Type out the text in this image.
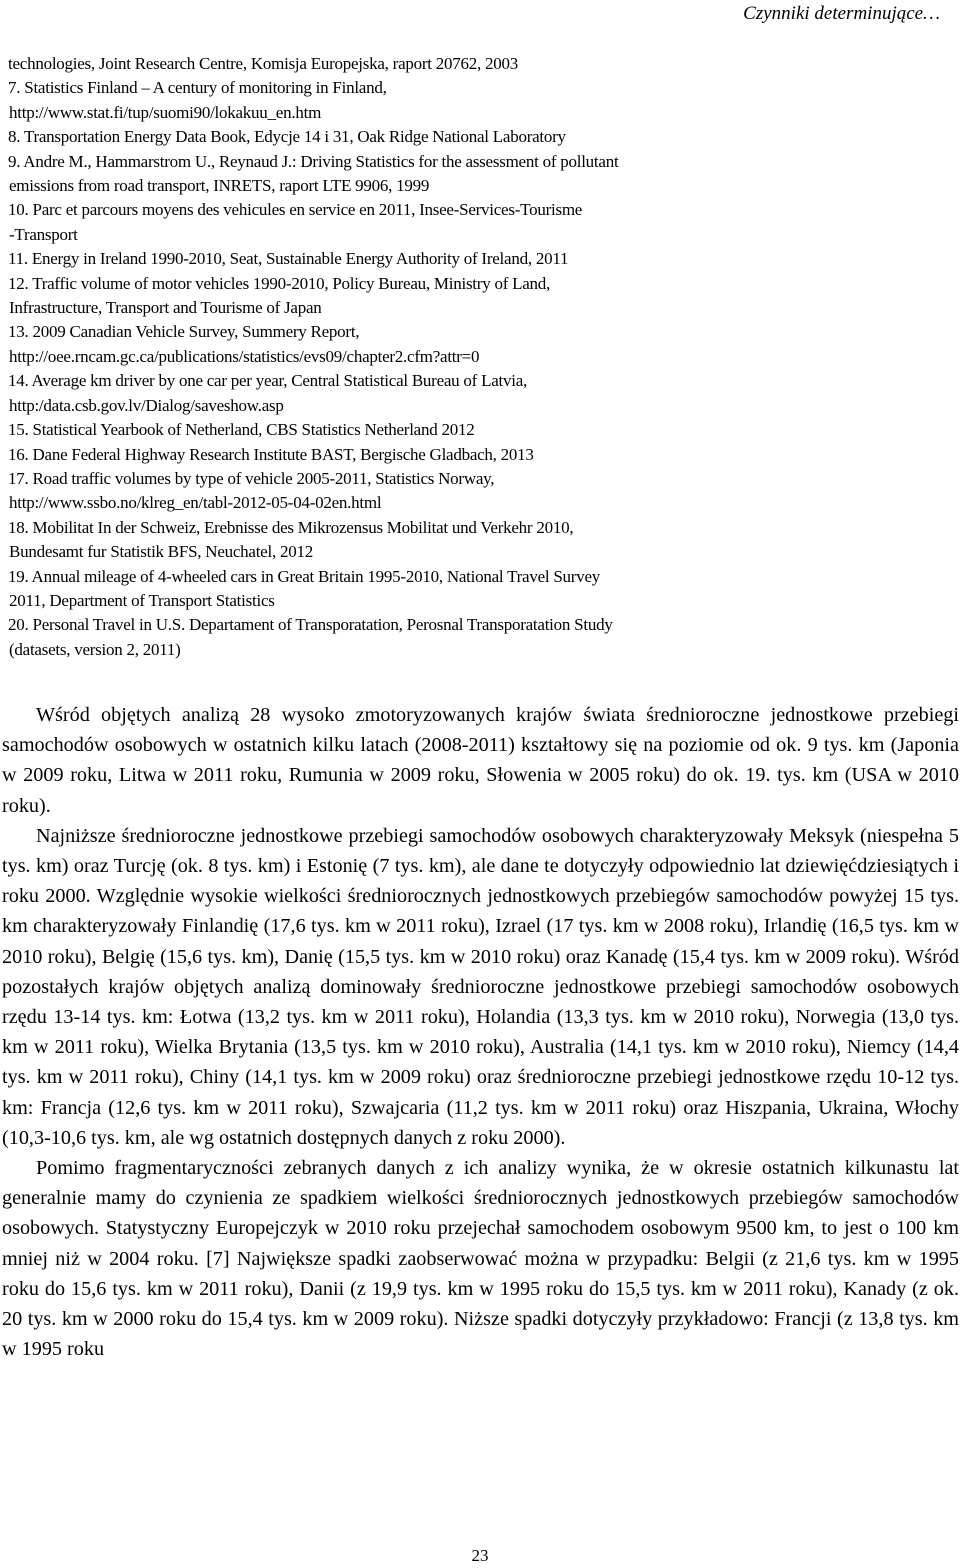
Czynniki determinujące…
technologies, Joint Research Centre, Komisja Europejska, raport 20762, 2003
7. Statistics Finland – A century of monitoring in Finland,
http://www.stat.fi/tup/suomi90/lokakuu_en.htm
8. Transportation Energy Data Book, Edycje 14 i 31, Oak Ridge National Laboratory
9. Andre M., Hammarstrom U., Reynaud J.: Driving Statistics for the assessment of pollutant
emissions from road transport, INRETS, raport LTE 9906, 1999
10. Parc et parcours moyens des vehicules en service en 2011, Insee-Services-Tourisme
-Transport
11. Energy in Ireland 1990-2010, Seat, Sustainable Energy Authority of Ireland, 2011
12. Traffic volume of motor vehicles 1990-2010, Policy Bureau, Ministry of Land,
Infrastructure, Transport and Tourisme of Japan
13. 2009 Canadian Vehicle Survey, Summery Report,
http://oee.rncam.gc.ca/publications/statistics/evs09/chapter2.cfm?attr=0
14. Average km driver by one car per year, Central Statistical Bureau of Latvia,
http:/data.csb.gov.lv/Dialog/saveshow.asp
15. Statistical Yearbook of Netherland, CBS Statistics Netherland 2012
16. Dane Federal Highway Research Institute BAST, Bergische Gladbach, 2013
17. Road traffic volumes by type of vehicle 2005-2011, Statistics Norway,
http://www.ssbo.no/klreg_en/tabl-2012-05-04-02en.html
18. Mobilitat In der Schweiz, Erebnisse des Mikrozensus Mobilitat und Verkehr 2010,
Bundesamt fur Statistik BFS, Neuchatel, 2012
19. Annual mileage of 4-wheeled cars in Great Britain 1995-2010, National Travel Survey
2011, Department of Transport Statistics
20. Personal Travel in U.S. Departament of Transporatation, Perosnal Transporatation Study
(datasets, version 2, 2011)

Wśród objętych analizą 28 wysoko zmotoryzowanych krajów świata średnioroczne jednostkowe przebiegi samochodów osobowych w ostatnich kilku latach (2008-2011) kształtowy się na poziomie od ok. 9 tys. km (Japonia w 2009 roku, Litwa w 2011 roku, Rumunia w 2009 roku, Słowenia w 2005 roku) do ok. 19. tys. km (USA w 2010 roku).

Najniższe średnioroczne jednostkowe przebiegi samochodów osobowych charakteryzowały Meksyk (niespełna 5 tys. km) oraz Turcję (ok. 8 tys. km) i Estonię (7 tys. km), ale dane te dotyczyły odpowiednio lat dziewięćdziesiątych i roku 2000. Względnie wysokie wielkości średniorocznych jednostkowych przebiegów samochodów powyżej 15 tys. km charakteryzowały Finlandię (17,6 tys. km w 2011 roku), Izrael (17 tys. km w 2008 roku), Irlandię (16,5 tys. km w 2010 roku), Belgię (15,6 tys. km), Danię (15,5 tys. km w 2010 roku) oraz Kanadę (15,4 tys. km w 2009 roku). Wśród pozostałych krajów objętych analizą dominowały średnioroczne jednostkowe przebiegi samochodów osobowych rzędu 13-14 tys. km: Łotwa (13,2 tys. km w 2011 roku), Holandia (13,3 tys. km w 2010 roku), Norwegia (13,0 tys. km w 2011 roku), Wielka Brytania (13,5 tys. km w 2010 roku), Australia (14,1 tys. km w 2010 roku), Niemcy (14,4 tys. km w 2011 roku), Chiny (14,1 tys. km w 2009 roku) oraz średnioroczne przebiegi jednostkowe rzędu 10-12 tys. km: Francja (12,6 tys. km w 2011 roku), Szwajcaria (11,2 tys. km w 2011 roku) oraz Hiszpania, Ukraina, Włochy (10,3-10,6 tys. km, ale wg ostatnich dostępnych danych z roku 2000).

Pomimo fragmentaryczności zebranych danych z ich analizy wynika, że w okresie ostatnich kilkunastu lat generalnie mamy do czynienia ze spadkiem wielkości średniorocznych jednostkowych przebiegów samochodów osobowych. Statystyczny Europejczyk w 2010 roku przejechał samochodem osobowym 9500 km, to jest o 100 km mniej niż w 2004 roku. [7] Największe spadki zaobserwować można w przypadku: Belgii (z 21,6 tys. km w 1995 roku do 15,6 tys. km w 2011 roku), Danii (z 19,9 tys. km w 1995 roku do 15,5 tys. km w 2011 roku), Kanady (z ok. 20 tys. km w 2000 roku do 15,4 tys. km w 2009 roku). Niższe spadki dotyczyły przykładowo: Francji (z 13,8 tys. km w 1995 roku

23
